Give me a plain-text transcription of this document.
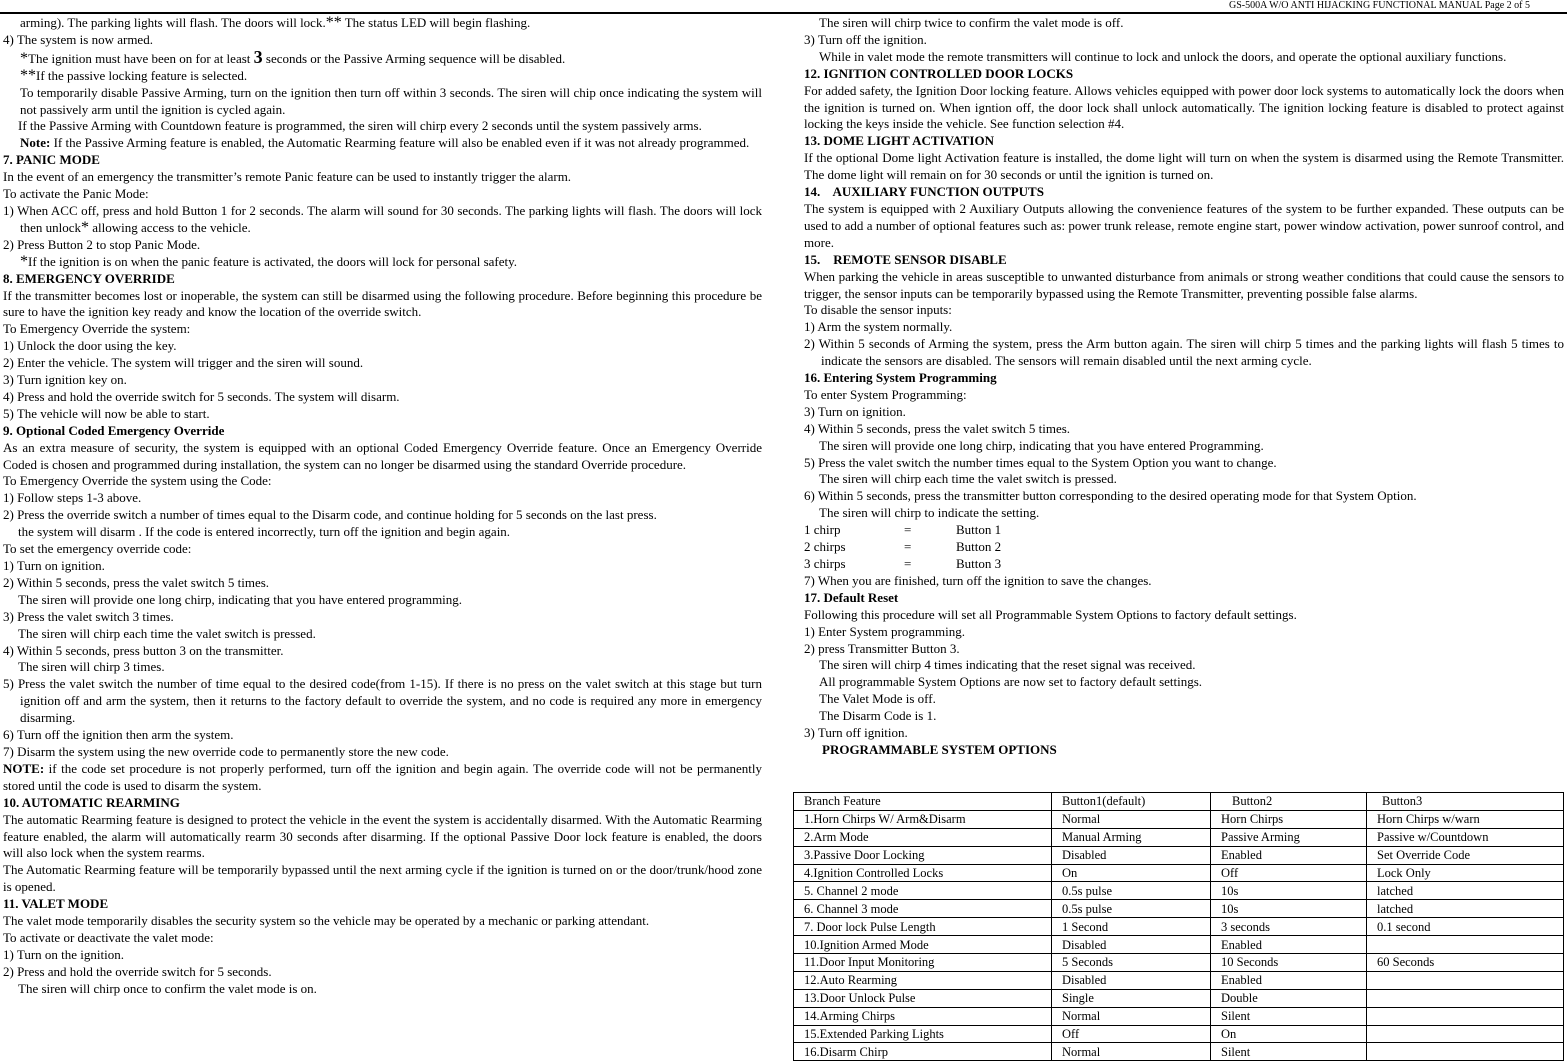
GS-500A W/O ANTI HIJACKING FUNCTIONAL MANUAL Page 2 of 5

arming). The parking lights will flash. The doors will lock.** The status LED will begin flashing.

4) The system is now armed.

*The ignition must have been on for at least 3 seconds or the Passive Arming sequence will be disabled.

**If the passive locking feature is selected.

To temporarily disable Passive Arming, turn on the ignition then turn off within 3 seconds. The siren will chip once indicating the system will not passively arm until the ignition is cycled again.

If the Passive Arming with Countdown feature is programmed, the siren will chirp every 2 seconds until the system passively arms.

Note: If the Passive Arming feature is enabled, the Automatic Rearming feature will also be enabled even if it was not already programmed.

7. PANIC MODE

In the event of an emergency the transmitter’s remote Panic feature can be used to instantly trigger the alarm.

To activate the Panic Mode:

1) When ACC off, press and hold Button 1 for 2 seconds. The alarm will sound for 30 seconds. The parking lights will flash. The doors will lock then unlock* allowing access to the vehicle.

2) Press Button 2 to stop Panic Mode.

*If the ignition is on when the panic feature is activated, the doors will lock for personal safety.

8. EMERGENCY OVERRIDE

If the transmitter becomes lost or inoperable, the system can still be disarmed using the following procedure. Before beginning this procedure be sure to have the ignition key ready and know the location of the override switch.

To Emergency Override the system:

1) Unlock the door using the key.

2) Enter the vehicle. The system will trigger and the siren will sound.

3) Turn ignition key on.

4) Press and hold the override switch for 5 seconds. The system will disarm.

5) The vehicle will now be able to start.

9. Optional Coded Emergency Override

As an extra measure of security, the system is equipped with an optional Coded Emergency Override feature. Once an Emergency Override Coded is chosen and programmed during installation, the system can no longer be disarmed using the standard Override procedure.

To Emergency Override the system using the Code:

1) Follow steps 1-3 above.

2) Press the override switch a number of times equal to the Disarm code, and continue holding for 5 seconds on the last press.

the system will disarm . If the code is entered incorrectly, turn off the ignition and begin again.

To set the emergency override code:

1) Turn on ignition.

2) Within 5 seconds, press the valet switch 5 times.

The siren will provide one long chirp, indicating that you have entered programming.

3) Press the valet switch 3 times.

The siren will chirp each time the valet switch is pressed.

4) Within 5 seconds, press button 3 on the transmitter.

The siren will chirp 3 times.

5) Press the valet switch the number of time equal to the desired code(from 1-15). If there is no press on the valet switch at this stage but turn ignition off and arm the system, then it returns to the factory default to override the system, and no code is required any more in emergency disarming.

6) Turn off the ignition then arm the system.

7) Disarm the system using the new override code to permanently store the new code.

NOTE: if the code set procedure is not properly performed, turn off the ignition and begin again. The override code will not be permanently stored until the code is used to disarm the system.

10. AUTOMATIC REARMING

The automatic Rearming feature is designed to protect the vehicle in the event the system is accidentally disarmed. With the Automatic Rearming feature enabled, the alarm will automatically rearm 30 seconds after disarming. If the optional Passive Door lock feature is enabled, the doors will also lock when the system rearms.

The Automatic Rearming feature will be temporarily bypassed until the next arming cycle if the ignition is turned on or the door/trunk/hood zone is opened.

11. VALET MODE

The valet mode temporarily disables the security system so the vehicle may be operated by a mechanic or parking attendant.

To activate or deactivate the valet mode:

1) Turn on the ignition.

2) Press and hold the override switch for 5 seconds.

The siren will chirp once to confirm the valet mode is on.

The siren will chirp twice to confirm the valet mode is off.

3) Turn off the ignition.

While in valet mode the remote transmitters will continue to lock and unlock the doors, and operate the optional auxiliary functions.

12. IGNITION CONTROLLED DOOR LOCKS

For added safety, the Ignition Door locking feature. Allows vehicles equipped with power door lock systems to automatically lock the doors when the ignition is turned on. When igntion off, the door lock shall unlock automatically. The ignition locking feature is disabled to protect against locking the keys inside the vehicle. See function selection #4.

13. DOME LIGHT ACTIVATION

If the optional Dome light Activation feature is installed, the dome light will turn on when the system is disarmed using the Remote Transmitter. The dome light will remain on for 30 seconds or until the ignition is turned on.

14.    AUXILIARY FUNCTION OUTPUTS

The system is equipped with 2 Auxiliary Outputs allowing the convenience features of the system to be further expanded. These outputs can be used to add a number of optional features such as: power trunk release, remote engine start, power window activation, power sunroof control, and more.

15.    REMOTE SENSOR DISABLE

When parking the vehicle in areas susceptible to unwanted disturbance from animals or strong weather conditions that could cause the sensors to trigger, the sensor inputs can be temporarily bypassed using the Remote Transmitter, preventing possible false alarms.

To disable the sensor inputs:

1) Arm the system normally.

2) Within 5 seconds of Arming the system, press the Arm button again. The siren will chirp 5 times and the parking lights will flash 5 times to indicate the sensors are disabled. The sensors will remain disabled until the next arming cycle.

16. Entering System Programming

To enter System Programming:

3) Turn on ignition.

4) Within 5 seconds, press the valet switch 5 times.

The siren will provide one long chirp, indicating that you have entered Programming.

5) Press the valet switch the number times equal to the System Option you want to change.

The siren will chirp each time the valet switch is pressed.

6) Within 5 seconds, press the transmitter button corresponding to the desired operating mode for that System Option.

The siren will chirp to indicate the setting.

1 chirp	=	Button 1

2 chirps	=	Button 2

3 chirps	=	Button 3

7) When you are finished, turn off the ignition to save the changes.

17. Default Reset

Following this procedure will set all Programmable System Options to factory default settings.

1) Enter System programming.

2) press Transmitter Button 3.

The siren will chirp 4 times indicating that the reset signal was received.

All programmable System Options are now set to factory default settings.

The Valet Mode is off.

The Disarm Code is 1.

3) Turn off ignition.

PROGRAMMABLE SYSTEM OPTIONS

Branch Feature	Button1(default)	Button2	Button3
1.Horn Chirps W/ Arm&Disarm	Normal	Horn Chirps	Horn Chirps w/warn
2.Arm Mode	Manual Arming	Passive Arming	Passive w/Countdown
3.Passive Door Locking	Disabled	Enabled	Set Override Code
4.Ignition Controlled Locks	On	Off	Lock Only
5. Channel 2 mode	0.5s pulse	10s	latched
6. Channel 3 mode	0.5s pulse	10s	latched
7. Door lock Pulse Length	1 Second	3 seconds	0.1 second
10.Ignition Armed Mode	Disabled	Enabled	
11.Door Input Monitoring	5 Seconds	10 Seconds	60 Seconds
12.Auto Rearming	Disabled	Enabled	
13.Door Unlock Pulse	Single	Double	
14.Arming Chirps	Normal	Silent	
15.Extended Parking Lights	Off	On	
16.Disarm Chirp	Normal	Silent	
